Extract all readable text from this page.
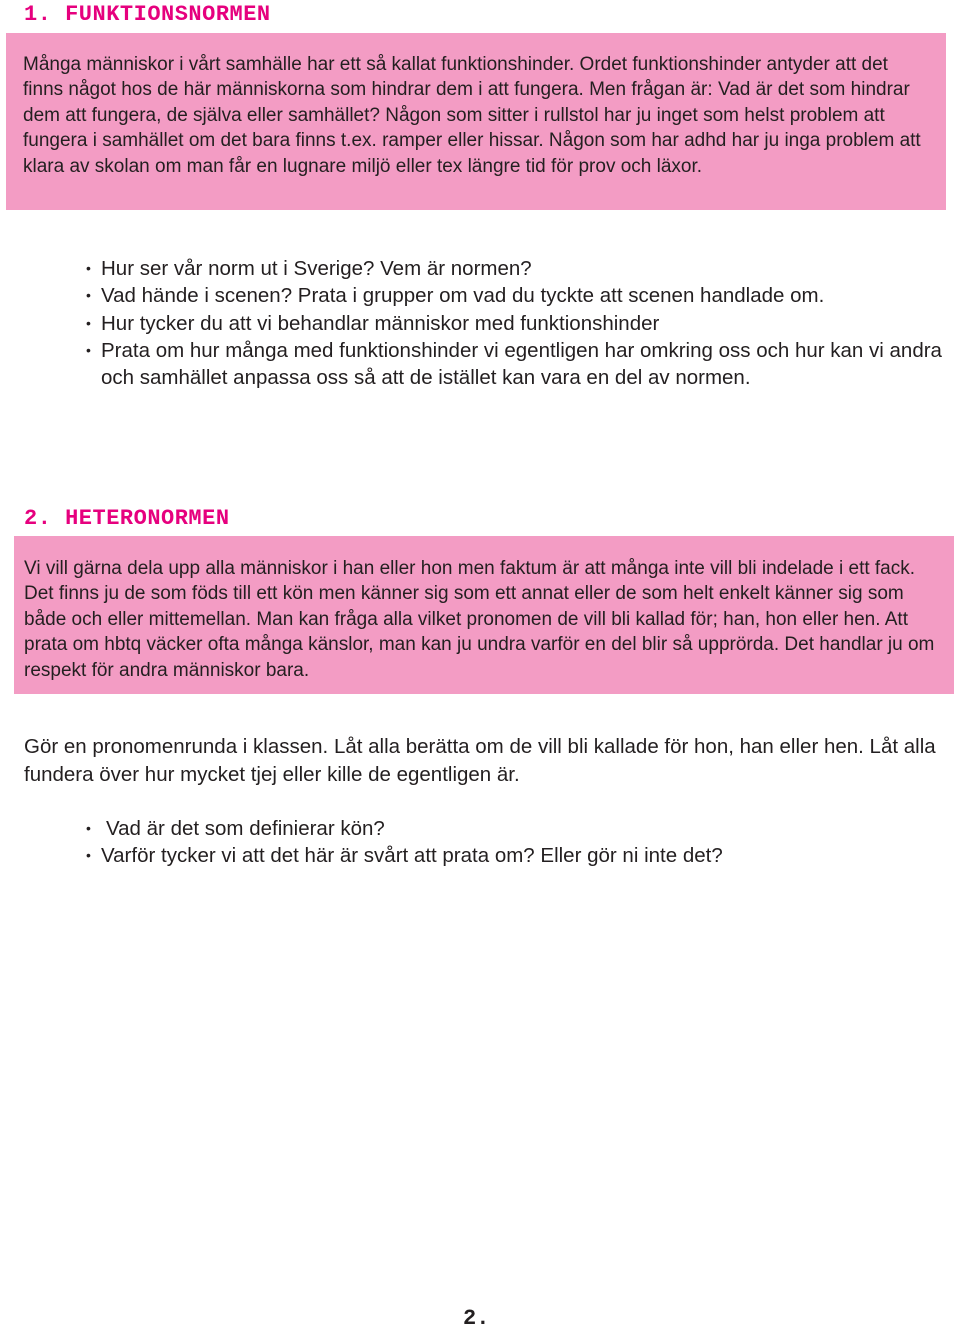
1. FUNKTIONSNORMEN

Många människor i vårt samhälle har ett så kallat funktionshinder. Ordet funktionshinder antyder att det finns något hos de här människorna som hindrar dem i att fungera. Men frågan är: Vad är det som hindrar dem att fungera, de själva eller samhället? Någon som sitter i rullstol har ju inget som helst problem att fungera i samhället om det bara finns t.ex. ramper eller hissar. Någon som har adhd har ju inga problem att klara av skolan om man får en lugnare miljö eller tex längre tid för prov och läxor.

• Hur ser vår norm ut i Sverige? Vem är normen?
• Vad hände i scenen? Prata i grupper om vad du tyckte att scenen handlade om.
• Hur tycker du att vi behandlar människor med funktionshinder
• Prata om hur många med funktionshinder vi egentligen har omkring oss och hur kan vi andra och samhället anpassa oss så att de istället kan vara en del av normen.
2. HETERONORMEN

Vi vill gärna dela upp alla människor i han eller hon men faktum är att många inte vill bli indelade i ett fack. Det finns ju de som föds till ett kön men känner sig som ett annat eller de som helt enkelt känner sig som både och eller mittemellan. Man kan fråga alla vilket pronomen de vill bli kallad för; han, hon eller hen. Att prata om hbtq väcker ofta många känslor, man kan ju undra varför en del blir så upprörda. Det handlar ju om respekt för andra människor bara.

Gör en pronomenrunda i klassen. Låt alla berätta om de vill bli kallade för hon, han eller hen. Låt alla fundera över hur mycket tjej eller kille de egentligen är.

• Vad är det som definierar kön?
• Varför tycker vi att det här är svårt att prata om? Eller gör ni inte det?
2.
